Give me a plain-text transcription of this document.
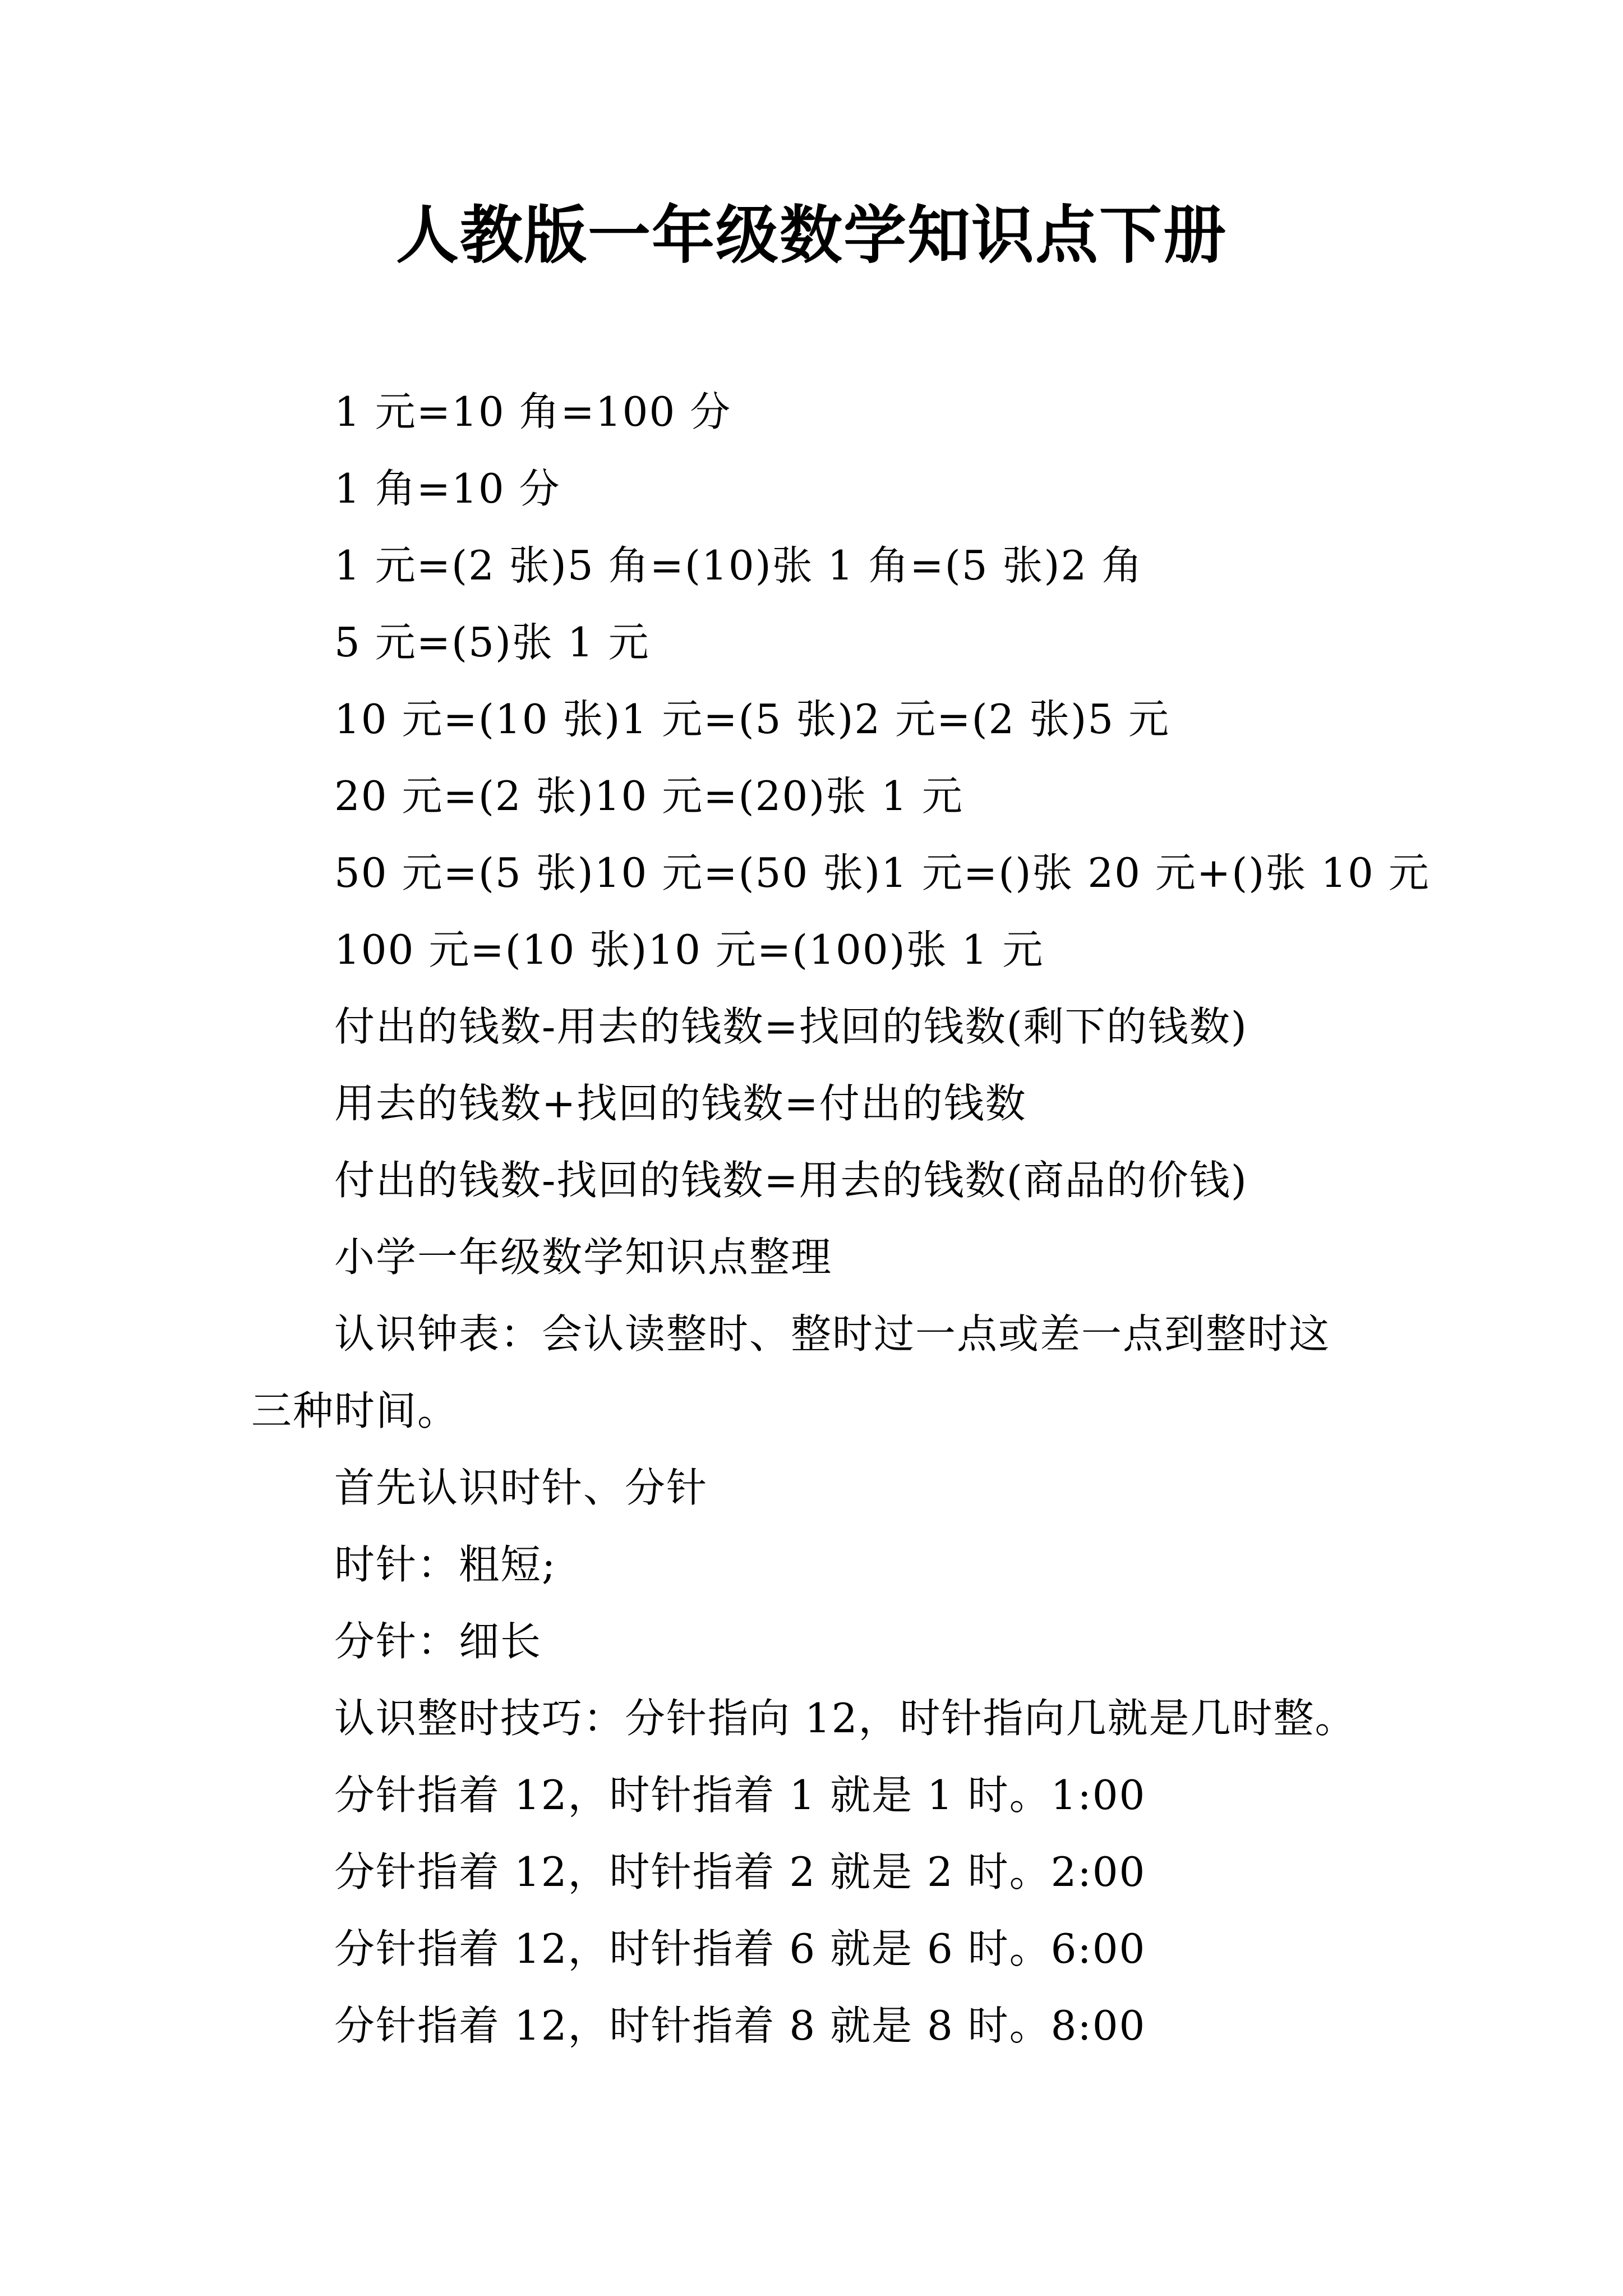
人教版一年级数学知识点下册
1 元=10 角=100 分
1 角=10 分
1 元=(2 张)5 角=(10)张 1 角=(5 张)2 角
5 元=(5)张 1 元
10 元=(10 张)1 元=(5 张)2 元=(2 张)5 元
20 元=(2 张)10 元=(20)张 1 元
50 元=(5 张)10 元=(50 张)1 元=()张 20 元+()张 10 元
100 元=(10 张)10 元=(100)张 1 元
付出的钱数-用去的钱数=找回的钱数(剩下的钱数)
用去的钱数+找回的钱数=付出的钱数
付出的钱数-找回的钱数=用去的钱数(商品的价钱)
小学一年级数学知识点整理
认识钟表：会认读整时、整时过一点或差一点到整时这
三种时间。
首先认识时针、分针
时针：粗短;
分针：细长
认识整时技巧：分针指向 12，时针指向几就是几时整。
分针指着 12，时针指着 1 就是 1 时。1:00
分针指着 12，时针指着 2 就是 2 时。2:00
分针指着 12，时针指着 6 就是 6 时。6:00
分针指着 12，时针指着 8 就是 8 时。8:00
